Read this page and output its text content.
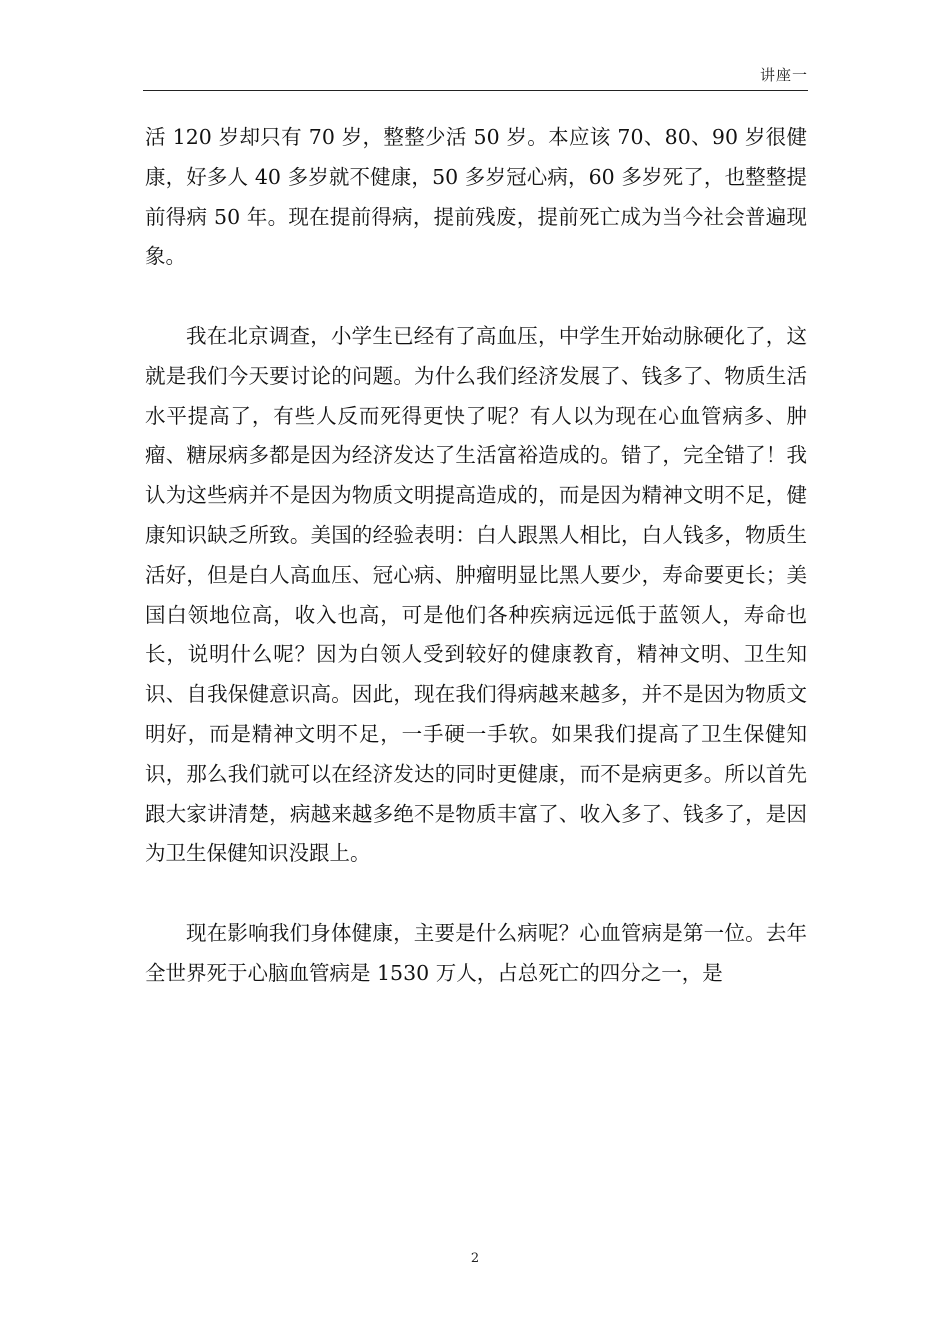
讲座一

活 120 岁却只有 70 岁，整整少活 50 岁。本应该 70、80、90 岁很健康，好多人 40 多岁就不健康，50 多岁冠心病，60 多岁死了，也整整提前得病 50 年。现在提前得病，提前残废，提前死亡成为当今社会普遍现象。

我在北京调查，小学生已经有了高血压，中学生开始动脉硬化了，这就是我们今天要讨论的问题。为什么我们经济发展了、钱多了、物质生活水平提高了，有些人反而死得更快了呢？有人以为现在心血管病多、肿瘤、糖尿病多都是因为经济发达了生活富裕造成的。错了，完全错了！我认为这些病并不是因为物质文明提高造成的，而是因为精神文明不足，健康知识缺乏所致。美国的经验表明：白人跟黑人相比，白人钱多，物质生活好，但是白人高血压、冠心病、肿瘤明显比黑人要少，寿命要更长；美国白领地位高，收入也高，可是他们各种疾病远远低于蓝领人，寿命也长，说明什么呢？因为白领人受到较好的健康教育，精神文明、卫生知识、自我保健意识高。因此，现在我们得病越来越多，并不是因为物质文明好，而是精神文明不足，一手硬一手软。如果我们提高了卫生保健知识，那么我们就可以在经济发达的同时更健康，而不是病更多。所以首先跟大家讲清楚，病越来越多绝不是物质丰富了、收入多了、钱多了，是因为卫生保健知识没跟上。

现在影响我们身体健康，主要是什么病呢？心血管病是第一位。去年全世界死于心脑血管病是 1530 万人，占总死亡的四分之一，是

2
